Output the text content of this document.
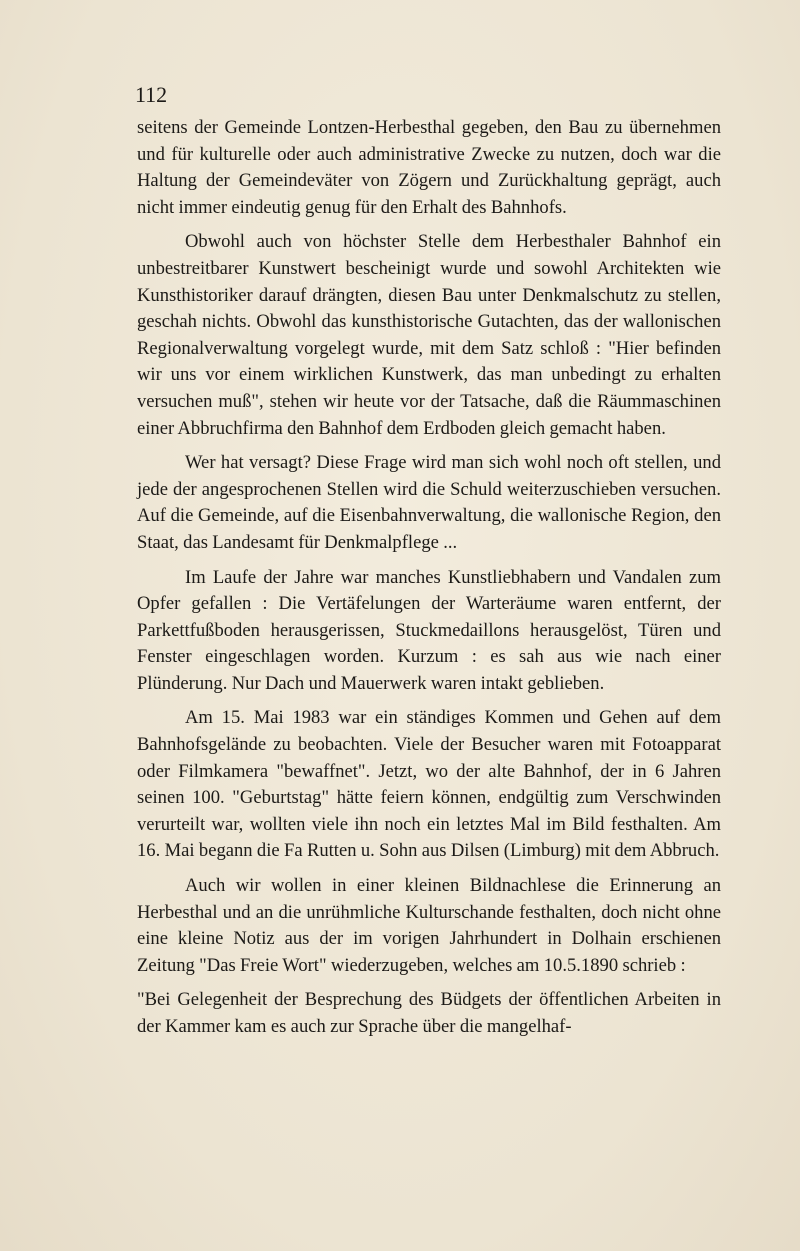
112

seitens der Gemeinde Lontzen-Herbesthal gegeben, den Bau zu übernehmen und für kulturelle oder auch administrative Zwecke zu nutzen, doch war die Haltung der Gemeindeväter von Zögern und Zurückhaltung geprägt, auch nicht immer eindeutig genug für den Erhalt des Bahnhofs.

Obwohl auch von höchster Stelle dem Herbesthaler Bahnhof ein unbestreitbarer Kunstwert bescheinigt wurde und sowohl Architekten wie Kunsthistoriker darauf drängten, diesen Bau unter Denkmalschutz zu stellen, geschah nichts. Obwohl das kunsthistorische Gutachten, das der wallonischen Regionalverwaltung vorgelegt wurde, mit dem Satz schloß : "Hier befinden wir uns vor einem wirklichen Kunstwerk, das man unbedingt zu erhalten versuchen muß", stehen wir heute vor der Tatsache, daß die Räummaschinen einer Abbruchfirma den Bahnhof dem Erdboden gleich gemacht haben.

Wer hat versagt? Diese Frage wird man sich wohl noch oft stellen, und jede der angesprochenen Stellen wird die Schuld weiterzuschieben versuchen. Auf die Gemeinde, auf die Eisenbahnverwaltung, die wallonische Region, den Staat, das Landesamt für Denkmalpflege ...

Im Laufe der Jahre war manches Kunstliebhabern und Vandalen zum Opfer gefallen : Die Vertäfelungen der Warteräume waren entfernt, der Parkettfußboden herausgerissen, Stuckmedaillons herausgelöst, Türen und Fenster eingeschlagen worden. Kurzum : es sah aus wie nach einer Plünderung. Nur Dach und Mauerwerk waren intakt geblieben.

Am 15. Mai 1983 war ein ständiges Kommen und Gehen auf dem Bahnhofsgelände zu beobachten. Viele der Besucher waren mit Fotoapparat oder Filmkamera "bewaffnet". Jetzt, wo der alte Bahnhof, der in 6 Jahren seinen 100. "Geburtstag" hätte feiern können, endgültig zum Verschwinden verurteilt war, wollten viele ihn noch ein letztes Mal im Bild festhalten. Am 16. Mai begann die Fa Rutten u. Sohn aus Dilsen (Limburg) mit dem Abbruch.

Auch wir wollen in einer kleinen Bildnachlese die Erinnerung an Herbesthal und an die unrühmliche Kulturschande festhalten, doch nicht ohne eine kleine Notiz aus der im vorigen Jahrhundert in Dolhain erschienen Zeitung "Das Freie Wort" wiederzugeben, welches am 10.5.1890 schrieb :

"Bei Gelegenheit der Besprechung des Büdgets der öffentlichen Arbeiten in der Kammer kam es auch zur Sprache über die mangelhaf-
